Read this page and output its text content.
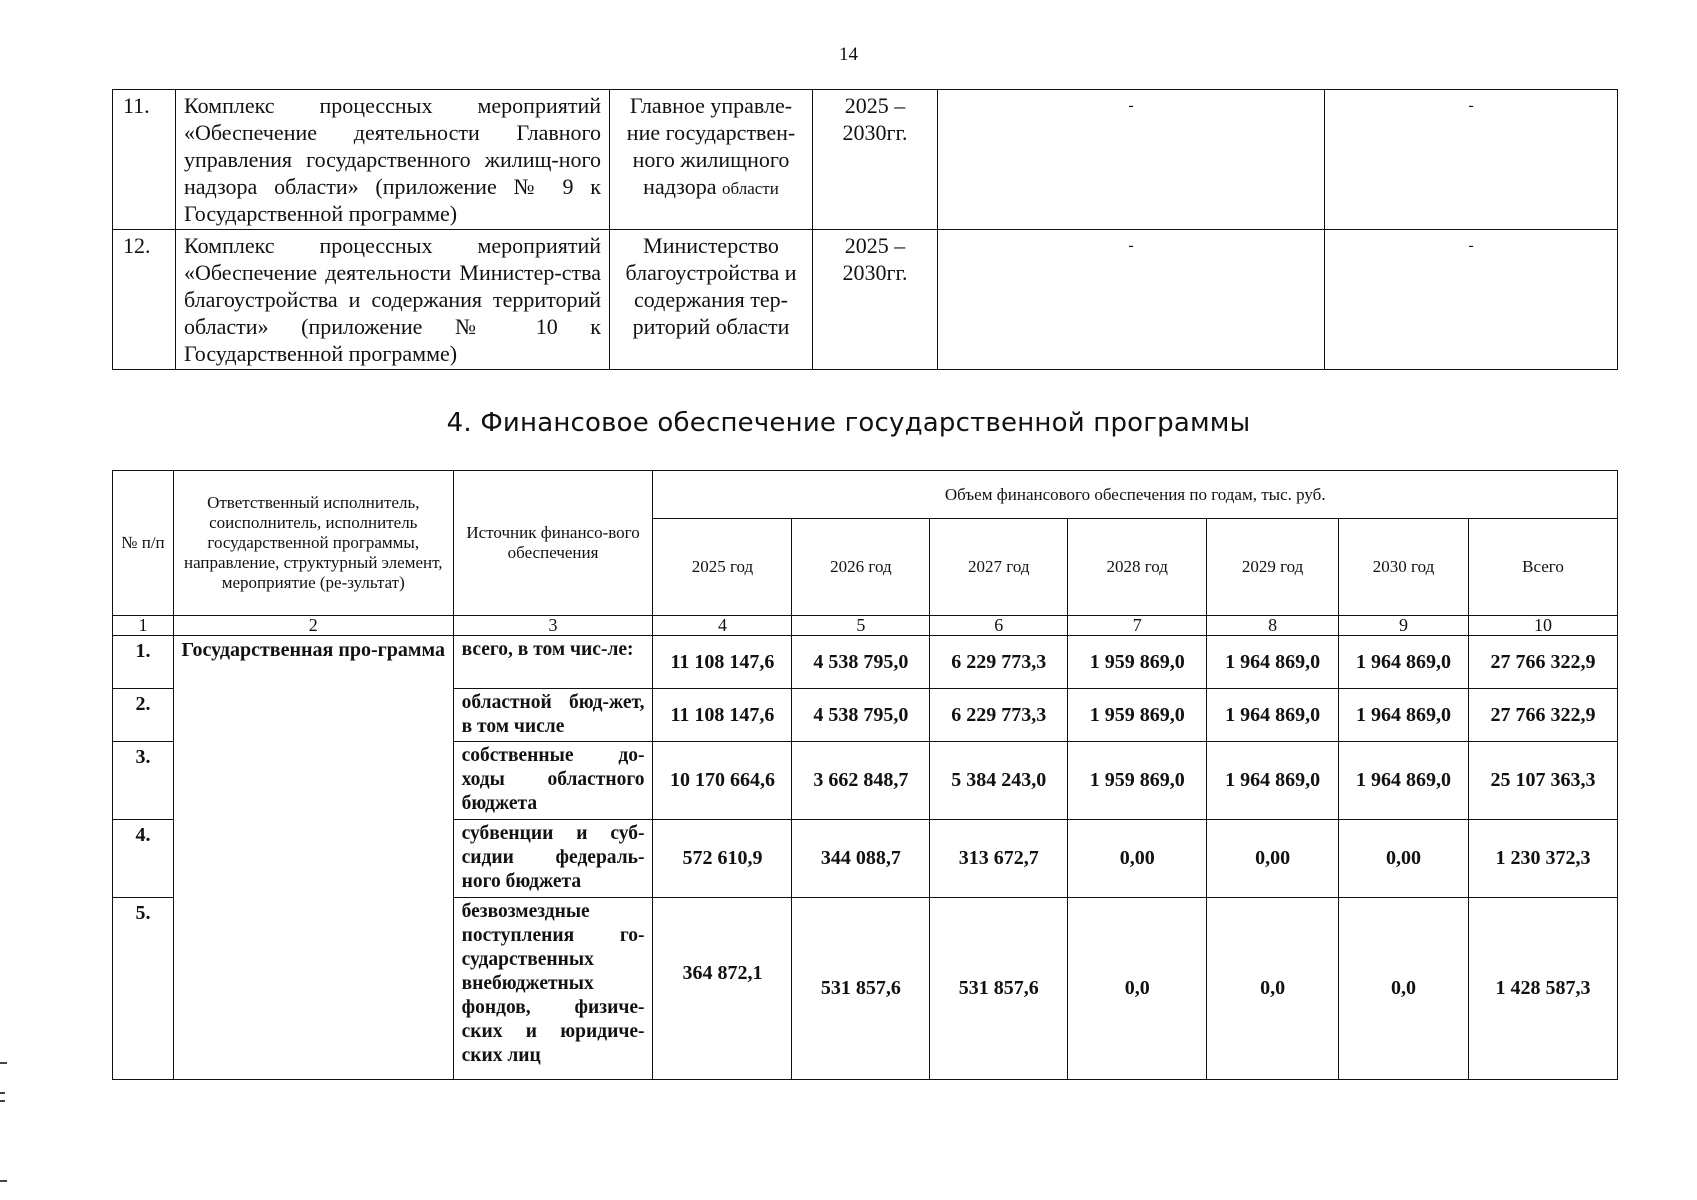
14
11.	Комплекс процессных мероприятий «Обеспечение деятельности Главного управления государственного жилищ-ного надзора области» (приложение № 9 к Государственной программе)	Главное управле-ние государствен-ного жилищного надзора области	2025 – 2030гг.	-	-
12.	Комплекс процессных мероприятий «Обеспечение деятельности Министер-ства благоустройства и содержания территорий области» (приложение № 10 к Государственной программе)	Министерство благоустройства и содержания тер-риторий области	2025 – 2030гг.	-	-
4. Финансовое обеспечение государственной программы
№ п/п	Ответственный исполнитель, соисполнитель, исполнитель государственной программы, направление, структурный элемент, мероприятие (ре-зультат)	Источник финансо-вого обеспечения	Объем финансового обеспечения по годам, тыс. руб.						
			2025 год	2026 год	2027 год	2028 год	2029 год	2030 год	Всего
1	2	3	4	5	6	7	8	9	10
1.	Государственная про-грамма	всего, в том чис-ле:	11 108 147,6	4 538 795,0	6 229 773,3	1 959 869,0	1 964 869,0	1 964 869,0	27 766 322,9
2.		областной бюд-жет, в том числе	11 108 147,6	4 538 795,0	6 229 773,3	1 959 869,0	1 964 869,0	1 964 869,0	27 766 322,9
3.		собственные до-ходы областного бюджета	10 170 664,6	3 662 848,7	5 384 243,0	1 959 869,0	1 964 869,0	1 964 869,0	25 107 363,3
4.		субвенции и суб-сидии федераль-ного бюджета	572 610,9	344 088,7	313 672,7	0,00	0,00	0,00	1 230 372,3
5.		безвозмездные поступления го-сударственных внебюджетных фондов, физиче-ских и юридиче-ских лиц	364 872,1	531 857,6	531 857,6	0,0	0,0	0,0	1 428 587,3
